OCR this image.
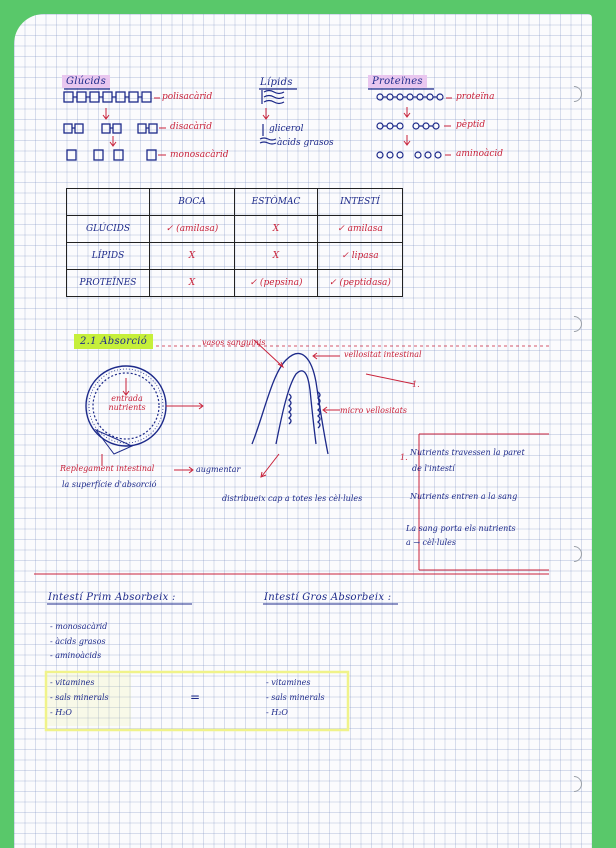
Glúcids	Lípids	Proteïnes
polisacàrid
disacàrid
monosacàrid
glicerol
àcids grasos
proteïna
pèptid
aminoàcid
	BOCA	ESTÒMAC	INTESTÍ
GLÚCIDS	✓ (amilasa)	X	✓ amilasa
LÍPIDS	X	X	✓ lipasa
PROTEÏNES	X	✓ (pepsina)	✓ (peptidasa)
2.1 Absorció	vasos sanguinis
vellositat intestinal
1.
entrada nutrients	micro vellositats
Replegament intestinal
la superfície d'absorció
augmentar
distribueix cap a totes les cèl·lules
1.
Nutrients travessen la paret
de l'intestí
Nutrients entren a la sang
La sang porta els nutrients
a → cèl·lules
Intestí Prim Absorbeix :	Intestí Gros Absorbeix :
- monosacàrid
- àcids grasos
- aminoàcids
- vitamines
- sals minerals
- H₂O
=
- vitamines
- sals minerals
- H₂O
